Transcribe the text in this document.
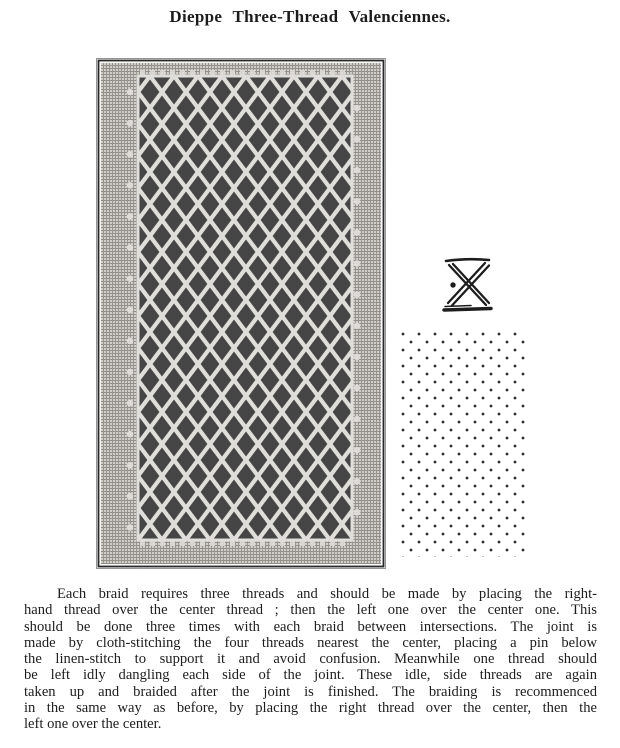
Dieppe Three-Thread Valenciennes.
Each braid requires three threads and should be made by placing the right-
hand thread over the center thread ; then the left one over the center one. This
should be done three times with each braid between intersections. The joint is
made by cloth-stitching the four threads nearest the center, placing a pin below
the linen-stitch to support it and avoid confusion. Meanwhile one thread should
be left idly dangling each side of the joint. These idle, side threads are again
taken up and braided after the joint is finished. The braiding is recommenced
in the same way as before, by placing the right thread over the center, then the
left one over the center.
